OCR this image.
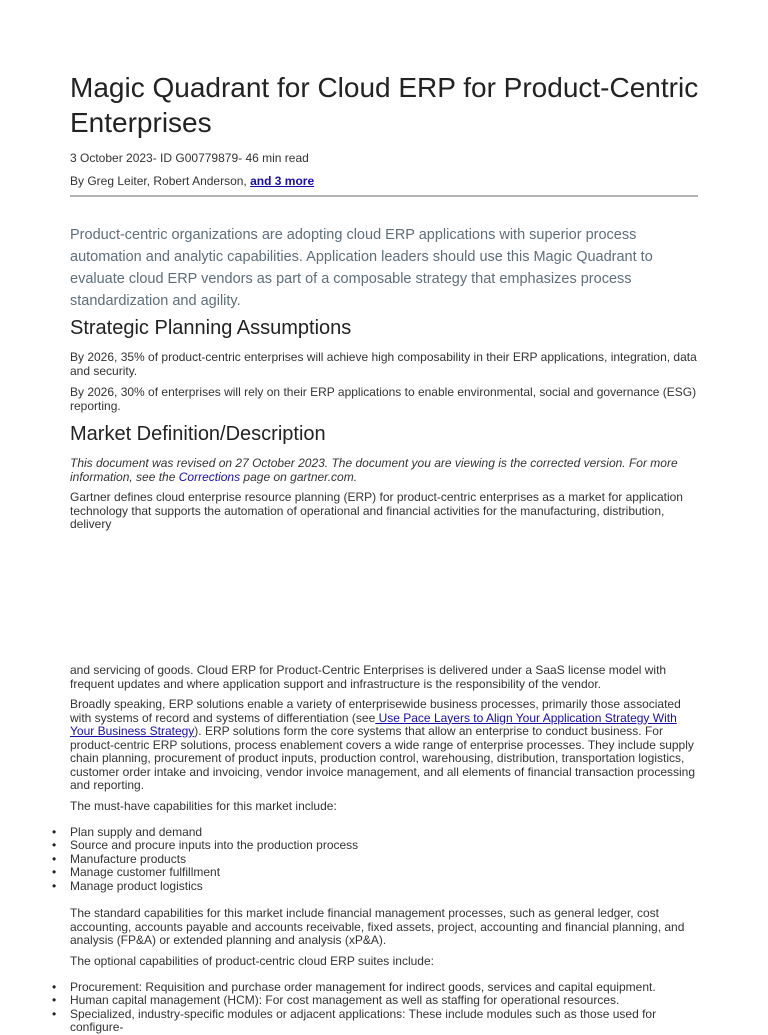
Magic Quadrant for Cloud ERP for Product-Centric Enterprises
3 October 2023- ID G00779879- 46 min read
By Greg Leiter, Robert Anderson, and 3 more

Product-centric organizations are adopting cloud ERP applications with superior process automation and analytic capabilities. Application leaders should use this Magic Quadrant to evaluate cloud ERP vendors as part of a composable strategy that emphasizes process standardization and agility.

Strategic Planning Assumptions

By 2026, 35% of product-centric enterprises will achieve high composability in their ERP applications, integration, data and security.

By 2026, 30% of enterprises will rely on their ERP applications to enable environmental, social and governance (ESG) reporting.

Market Definition/Description

This document was revised on 27 October 2023. The document you are viewing is the corrected version. For more information, see the Corrections page on gartner.com.

Gartner defines cloud enterprise resource planning (ERP) for product-centric enterprises as a market for application technology that supports the automation of operational and financial activities for the manufacturing, distribution, delivery

and servicing of goods. Cloud ERP for Product-Centric Enterprises is delivered under a SaaS license model with frequent updates and where application support and infrastructure is the responsibility of the vendor.

Broadly speaking, ERP solutions enable a variety of enterprisewide business processes, primarily those associated with systems of record and systems of differentiation (see Use Pace Layers to Align Your Application Strategy With Your Business Strategy). ERP solutions form the core systems that allow an enterprise to conduct business. For product-centric ERP solutions, process enablement covers a wide range of enterprise processes. They include supply chain planning, procurement of product inputs, production control, warehousing, distribution, transportation logistics, customer order intake and invoicing, vendor invoice management, and all elements of financial transaction processing and reporting.

The must-have capabilities for this market include:

• Plan supply and demand
• Source and procure inputs into the production process
• Manufacture products
• Manage customer fulfillment
• Manage product logistics

The standard capabilities for this market include financial management processes, such as general ledger, cost accounting, accounts payable and accounts receivable, fixed assets, project, accounting and financial planning, and analysis (FP&A) or extended planning and analysis (xP&A).

The optional capabilities of product-centric cloud ERP suites include:

• Procurement: Requisition and purchase order management for indirect goods, services and capital equipment.
• Human capital management (HCM): For cost management as well as staffing for operational resources.
• Specialized, industry-specific modules or adjacent applications: These include modules such as those used for configure-
